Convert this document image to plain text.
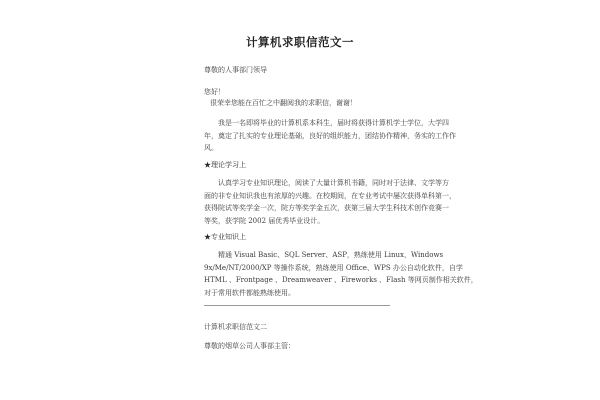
计算机求职信范文一
尊敬的人事部门领导
您好！
很荣幸您能在百忙之中翻阅我的求职信，谢谢！
我是一名即将毕业的计算机系本科生，届时将获得计算机学士学位，大学四
年，奠定了扎实的专业理论基础，良好的组织能力，团结协作精神，务实的工作作
风。
★理论学习上
认真学习专业知识理论，阅读了大量计算机书籍，同时对于法律、文学等方
面的非专业知识我也有浓厚的兴趣。在校期间，在专业考试中屡次获得单科第一，
获得院试等奖学金一次，院方等奖学金五次，获第三届大学生科技术创作竞赛一
等奖，获学院 2002 届优秀毕业设计。
★专业知识上
精通 Visual Basic、SQL Server、ASP，熟练使用 Linux，Windows
9x/Me/NT/2000/XP 等操作系统，熟练使用 Office、WPS 办公自动化软件，自学
HTML 、Frontpage 、Dreamweaver 、Fireworks 、Flash 等网页制作相关软件，
对于常用软件都能熟练使用。
计算机求职信范文二
尊敬的烟草公司人事部主管：
